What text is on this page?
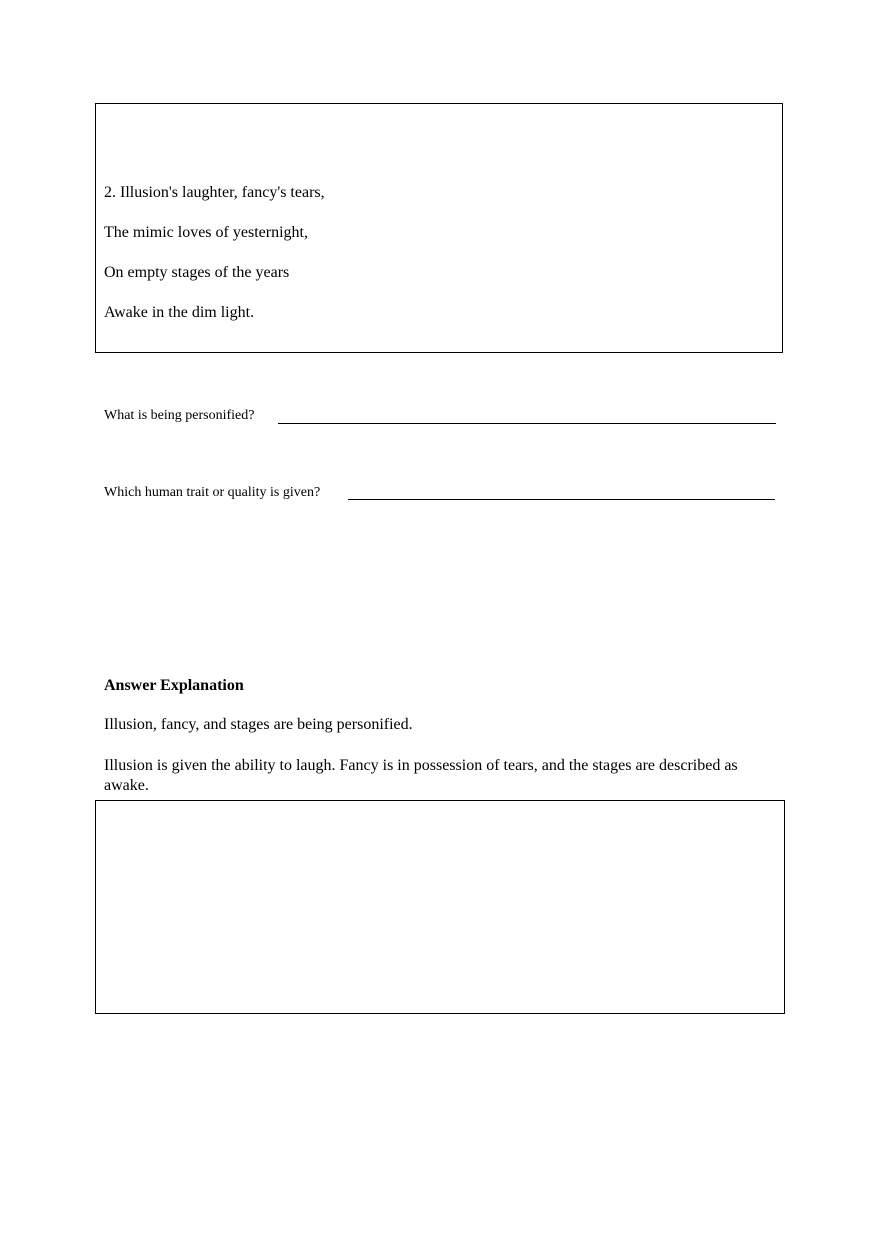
2. Illusion's laughter, fancy's tears,
The mimic loves of yesternight,
On empty stages of the years
Awake in the dim light.
What is being personified?
Which human trait or quality is given?
Answer Explanation
Illusion, fancy, and stages are being personified.
Illusion is given the ability to laugh. Fancy is in possession of tears, and the stages are described as awake.
